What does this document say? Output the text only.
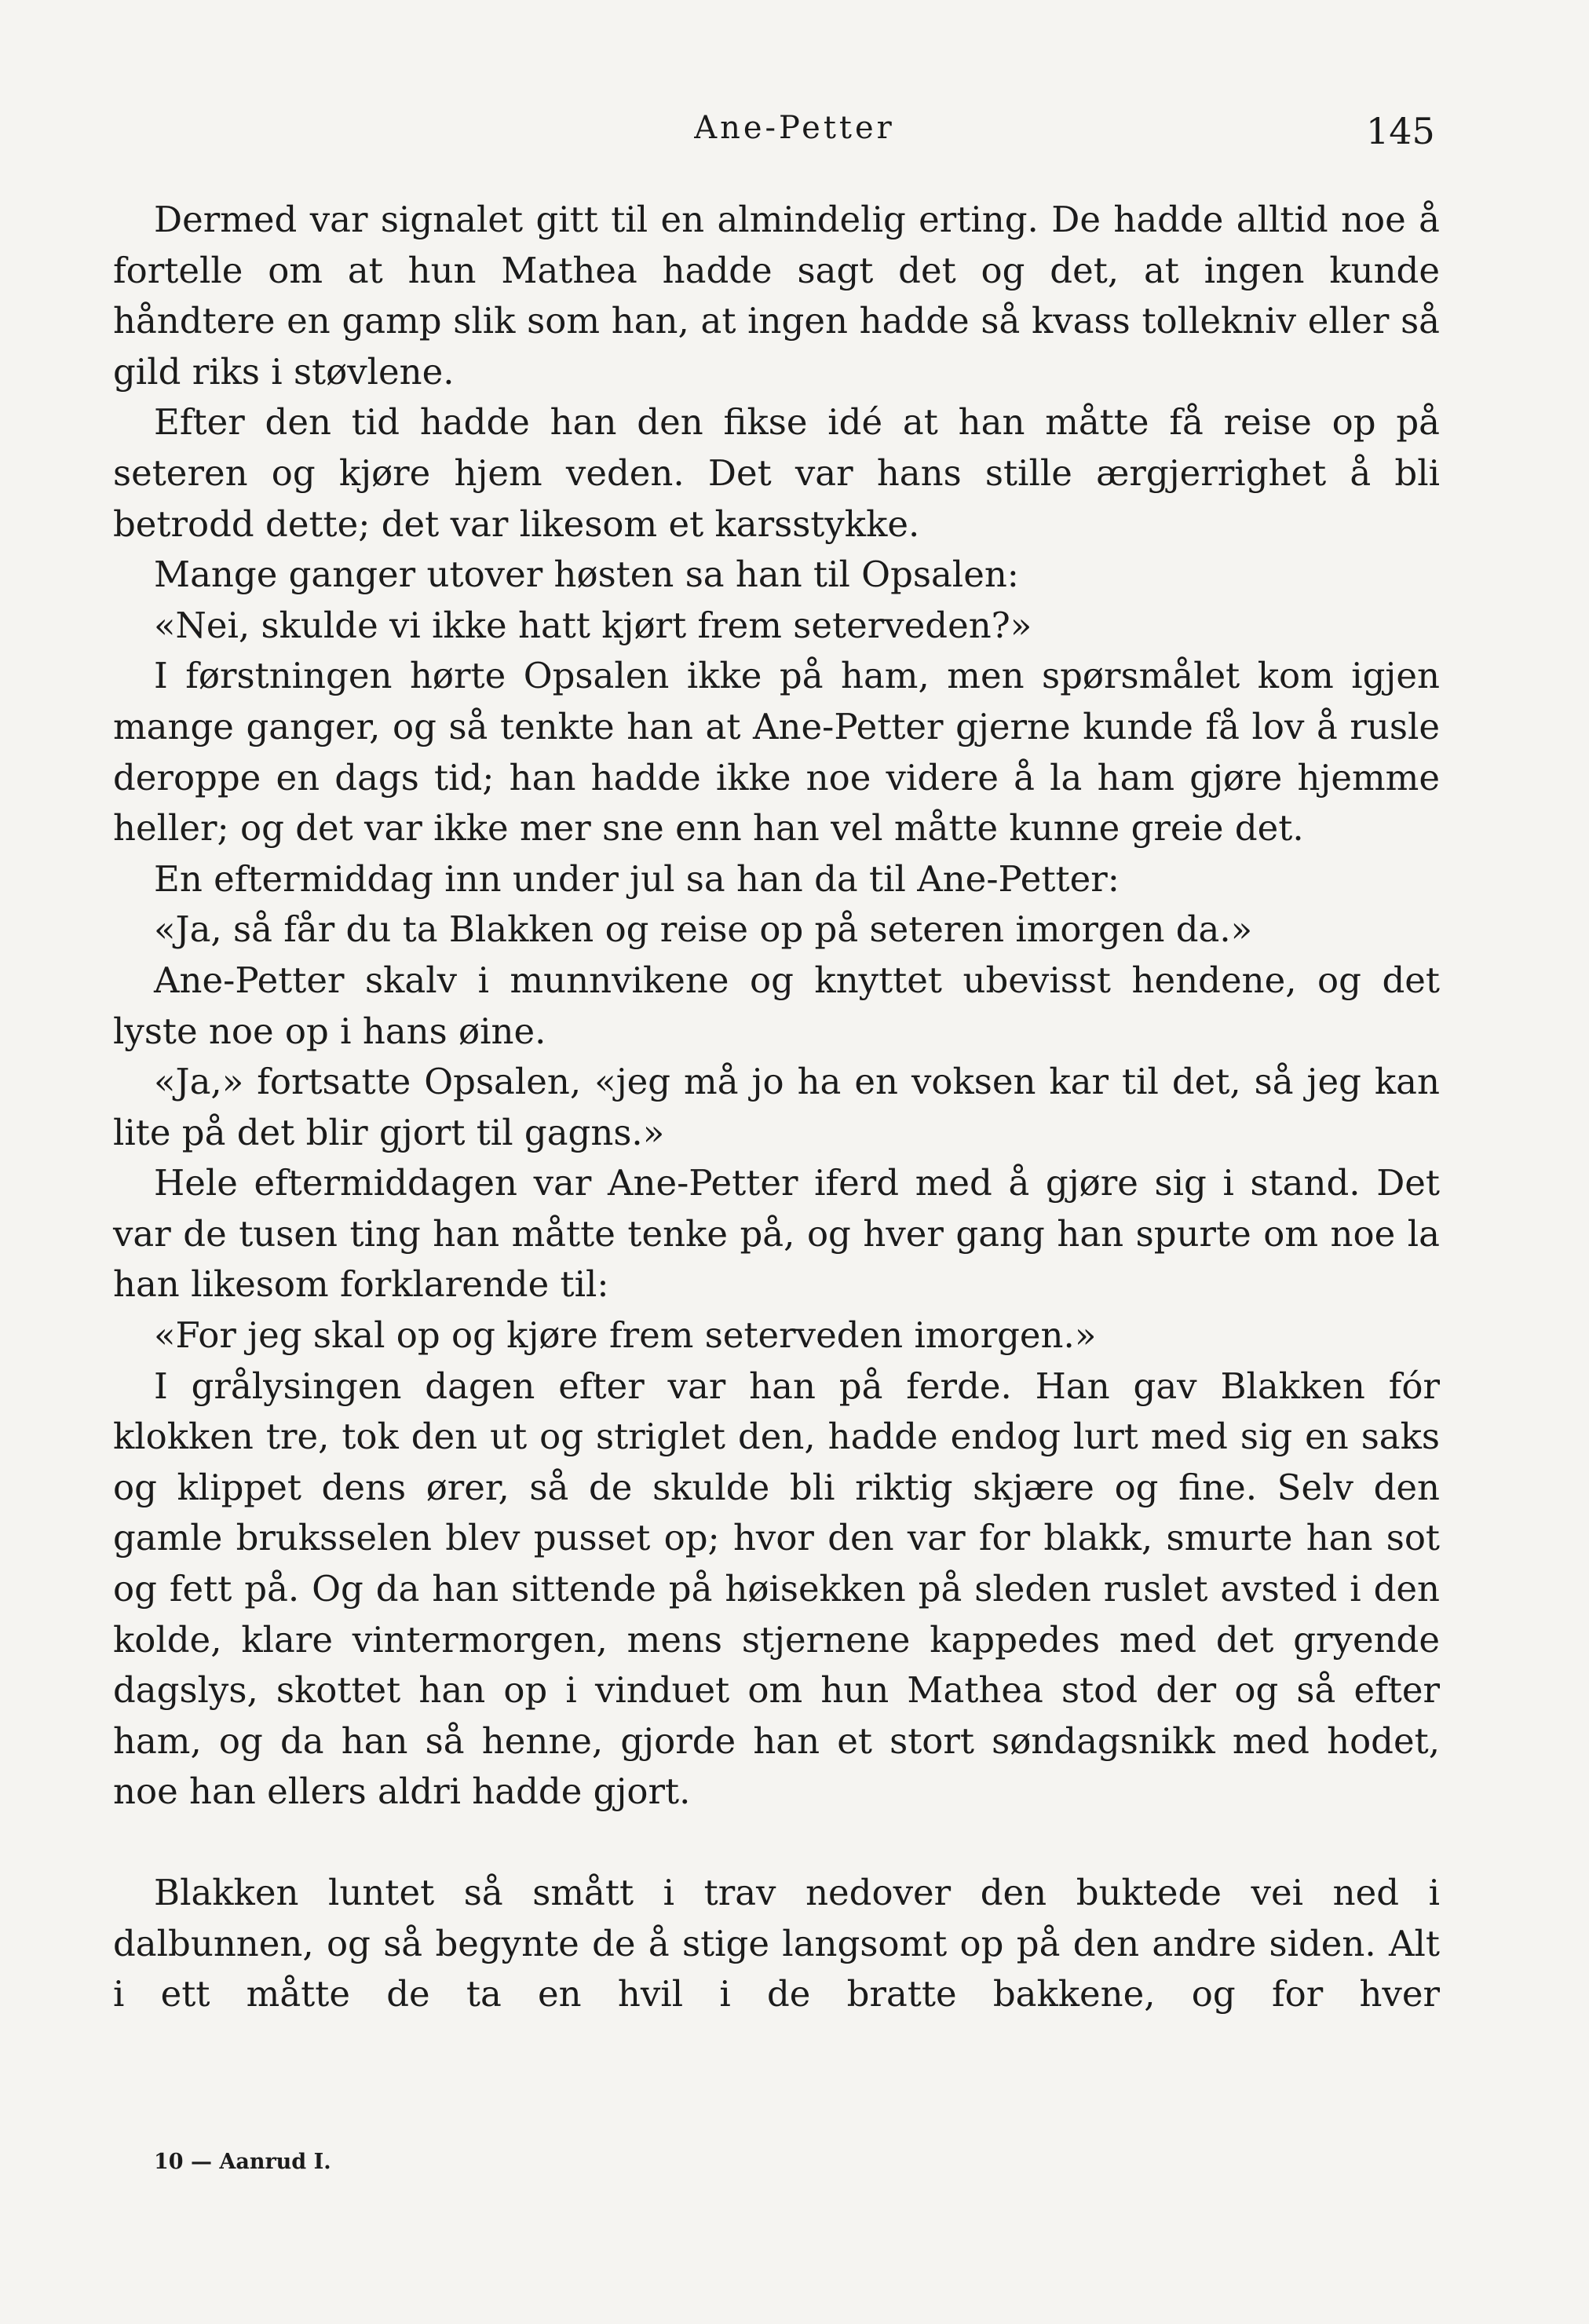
Ane-Petter	145

Dermed var signalet gitt til en almindelig erting. De hadde alltid noe å fortelle om at hun Mathea hadde sagt det og det, at ingen kunde håndtere en gamp slik som han, at ingen hadde så kvass tollekniv eller så gild riks i støvlene.

Efter den tid hadde han den fikse idé at han måtte få reise op på seteren og kjøre hjem veden. Det var hans stille ærgjerrighet å bli betrodd dette; det var likesom et karsstykke.

Mange ganger utover høsten sa han til Opsalen:

«Nei, skulde vi ikke hatt kjørt frem seterveden?»

I førstningen hørte Opsalen ikke på ham, men spørsmålet kom igjen mange ganger, og så tenkte han at Ane-Petter gjerne kunde få lov å rusle deroppe en dags tid; han hadde ikke noe videre å la ham gjøre hjemme heller; og det var ikke mer sne enn han vel måtte kunne greie det.

En eftermiddag inn under jul sa han da til Ane-Petter:

«Ja, så får du ta Blakken og reise op på seteren imorgen da.»

Ane-Petter skalv i munnvikene og knyttet ubevisst hendene, og det lyste noe op i hans øine.

«Ja,» fortsatte Opsalen, «jeg må jo ha en voksen kar til det, så jeg kan lite på det blir gjort til gagns.»

Hele eftermiddagen var Ane-Petter iferd med å gjøre sig i stand. Det var de tusen ting han måtte tenke på, og hver gang han spurte om noe la han likesom forklarende til:

«For jeg skal op og kjøre frem seterveden imorgen.»

I grålysingen dagen efter var han på ferde. Han gav Blakken fór klokken tre, tok den ut og striglet den, hadde endog lurt med sig en saks og klippet dens ører, så de skulde bli riktig skjære og fine. Selv den gamle bruksselen blev pusset op; hvor den var for blakk, smurte han sot og fett på. Og da han sittende på høisekken på sleden ruslet avsted i den kolde, klare vintermorgen, mens stjernene kappedes med det gryende dagslys, skottet han op i vinduet om hun Mathea stod der og så efter ham, og da han så henne, gjorde han et stort søndagsnikk med hodet, noe han ellers aldri hadde gjort.

Blakken luntet så smått i trav nedover den buktede vei ned i dalbunnen, og så begynte de å stige langsomt op på den andre siden. Alt i ett måtte de ta en hvil i de bratte bakkene, og for hver

10 — Aanrud I.
